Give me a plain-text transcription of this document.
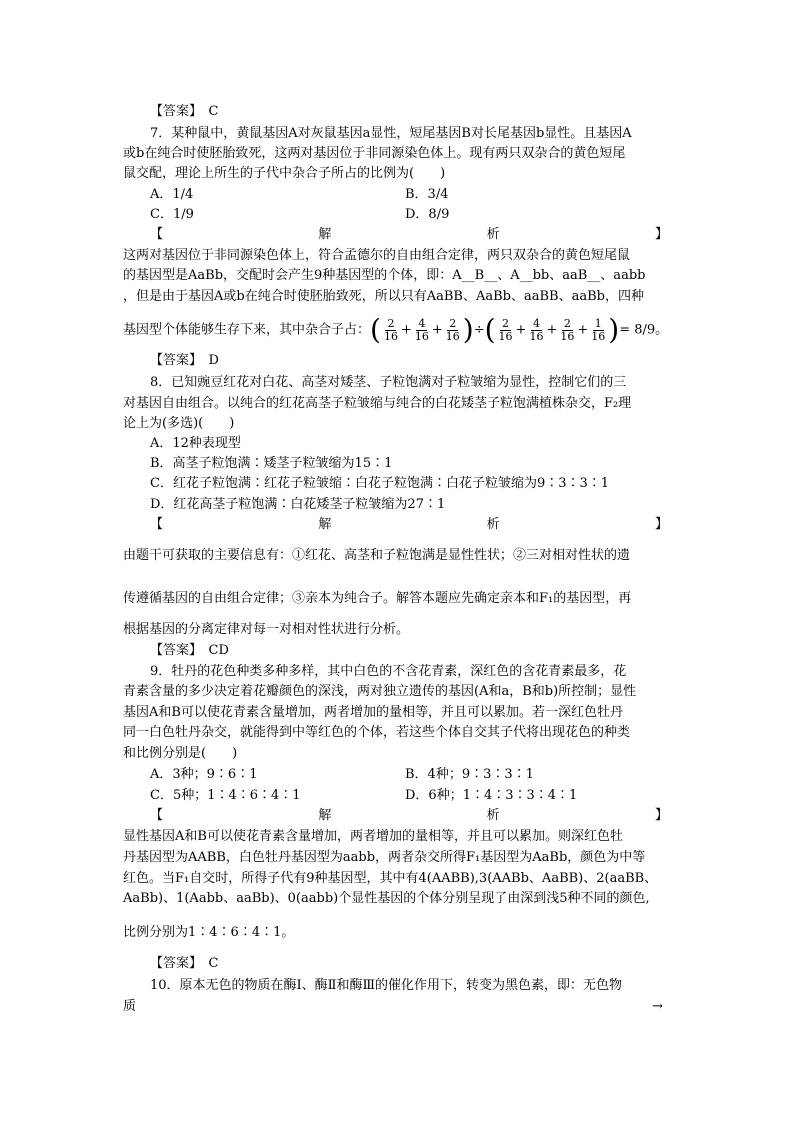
【答案】　C
7．某种鼠中，黄鼠基因A对灰鼠基因a显性，短尾基因B对长尾基因b显性。且基因A
或b在纯合时使胚胎致死，这两对基因位于非同源染色体上。现有两只双杂合的黄色短尾
鼠交配，理论上所生的子代中杂合子所占的比例为(　　)
A．1/4	B．3/4
C．1/9	D．8/9
【	解	析	】
这两对基因位于非同源染色体上，符合孟德尔的自由组合定律，两只双杂合的黄色短尾鼠
的基因型是AaBb，交配时会产生9种基因型的个体，即：A__B__、A__bb、aaB__、aabb
，但是由于基因A或b在纯合时使胚胎致死，所以只有AaBB、AaBb、aaBB、aaBb，四种
基因型个体能够生存下来，其中杂合子占：( $\frac{2}{16} + \frac{4}{16} + \frac{2}{16}$ )÷( $\frac{2}{16} + \frac{4}{16} + \frac{2}{16} + \frac{1}{16}$ )= 8/9。
【答案】　D
8．已知豌豆红花对白花、高茎对矮茎、子粒饱满对子粒皱缩为显性，控制它们的三
对基因自由组合。以纯合的红花高茎子粒皱缩与纯合的白花矮茎子粒饱满植株杂交，F₂理
论上为(多选)(　　)
A．12种表现型
B．高茎子粒饱满∶矮茎子粒皱缩为15∶1
C．红花子粒饱满∶红花子粒皱缩∶白花子粒饱满∶白花子粒皱缩为9∶3∶3∶1
D．红花高茎子粒饱满∶白花矮茎子粒皱缩为27∶1
【	解	析	】
由题干可获取的主要信息有：①红花、高茎和子粒饱满是显性性状；②三对相对性状的遗
传遵循基因的自由组合定律；③亲本为纯合子。解答本题应先确定亲本和F₁的基因型，再
根据基因的分离定律对每一对相对性状进行分析。
【答案】　CD
9．牡丹的花色种类多种多样，其中白色的不含花青素，深红色的含花青素最多，花
青素含量的多少决定着花瓣颜色的深浅，两对独立遗传的基因(A和a，B和b)所控制；显性
基因A和B可以使花青素含量增加，两者增加的量相等，并且可以累加。若一深红色牡丹
同一白色牡丹杂交，就能得到中等红色的个体，若这些个体自交其子代将出现花色的种类
和比例分别是(　　)
A．3种；9∶6∶1	B．4种；9∶3∶3∶1
C．5种；1∶4∶6∶4∶1	D．6种；1∶4∶3∶3∶4∶1
【	解	析	】
显性基因A和B可以使花青素含量增加，两者增加的量相等，并且可以累加。则深红色牡
丹基因型为AABB，白色牡丹基因型为aabb，两者杂交所得F₁基因型为AaBb，颜色为中等
红色。当F₁自交时，所得子代有9种基因型，其中有4(AABB),3(AABb、AaBB)、2(aaBB、
AaBb)、1(Aabb、aaBb)、0(aabb)个显性基因的个体分别呈现了由深到浅5种不同的颜色,
比例分别为1∶4∶6∶4∶1。
【答案】　C
10．原本无色的物质在酶Ⅰ、酶Ⅱ和酶Ⅲ的催化作用下，转变为黑色素，即：无色物
质	→
